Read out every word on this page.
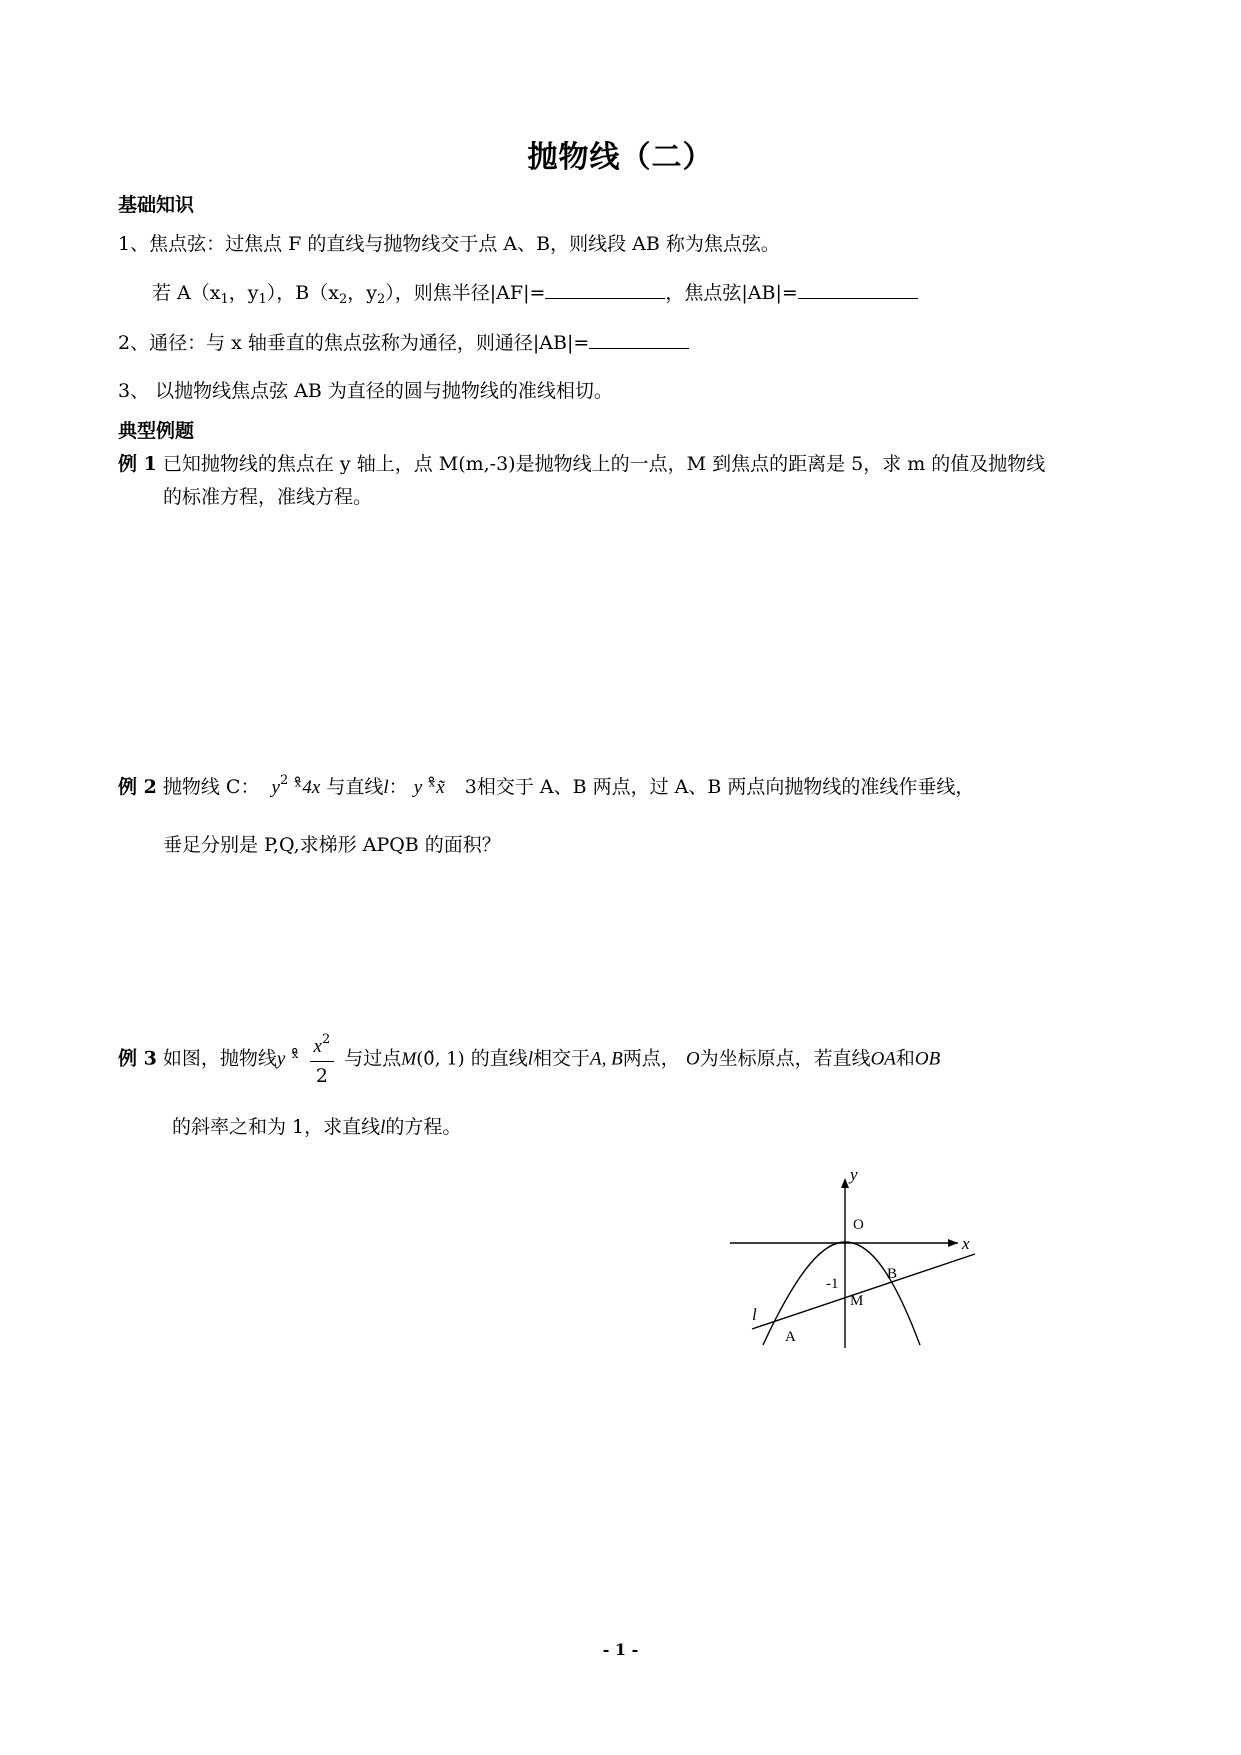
抛物线（二）
基础知识
1、焦点弦：过焦点 F 的直线与抛物线交于点 A、B，则线段 AB 称为焦点弦。
若 $A(x_1$，$y_1$），$B(x_2$，$y_2$），则焦半径|AF|=	，焦点弦|AB|=
2、通径：与 x 轴垂直的焦点弦称为通径，则通径|AB|=
3、 以抛物线焦点弦 AB 为直径的圆与抛物线的准线相切。
典型例题
例 1 已知抛物线的焦点在 y 轴上，点 M(m,-3)是抛物线上的一点，M 到焦点的距离是 5，求 m 的值及抛物线
的标准方程，准线方程。
例 2 抛物线 C： $y^2$ ˣ̊4x 与直线l： y ˣ̊x̃ 3相交于 A、B 两点，过 A、B 两点向抛物线的准线作垂线，
垂足分别是 P,Q,求梯形 APQB 的面积？
例 3 如图，抛物线y ˣ̊ $\frac{x^2}{2}$ 与过点M(0̃, 1) 的直线l相交于A, B两点， O为坐标原点，若直线OA和OB
的斜率之和为 1，求直线l的方程。
y
x
O
B
-1
M
l
A
- 1 -
